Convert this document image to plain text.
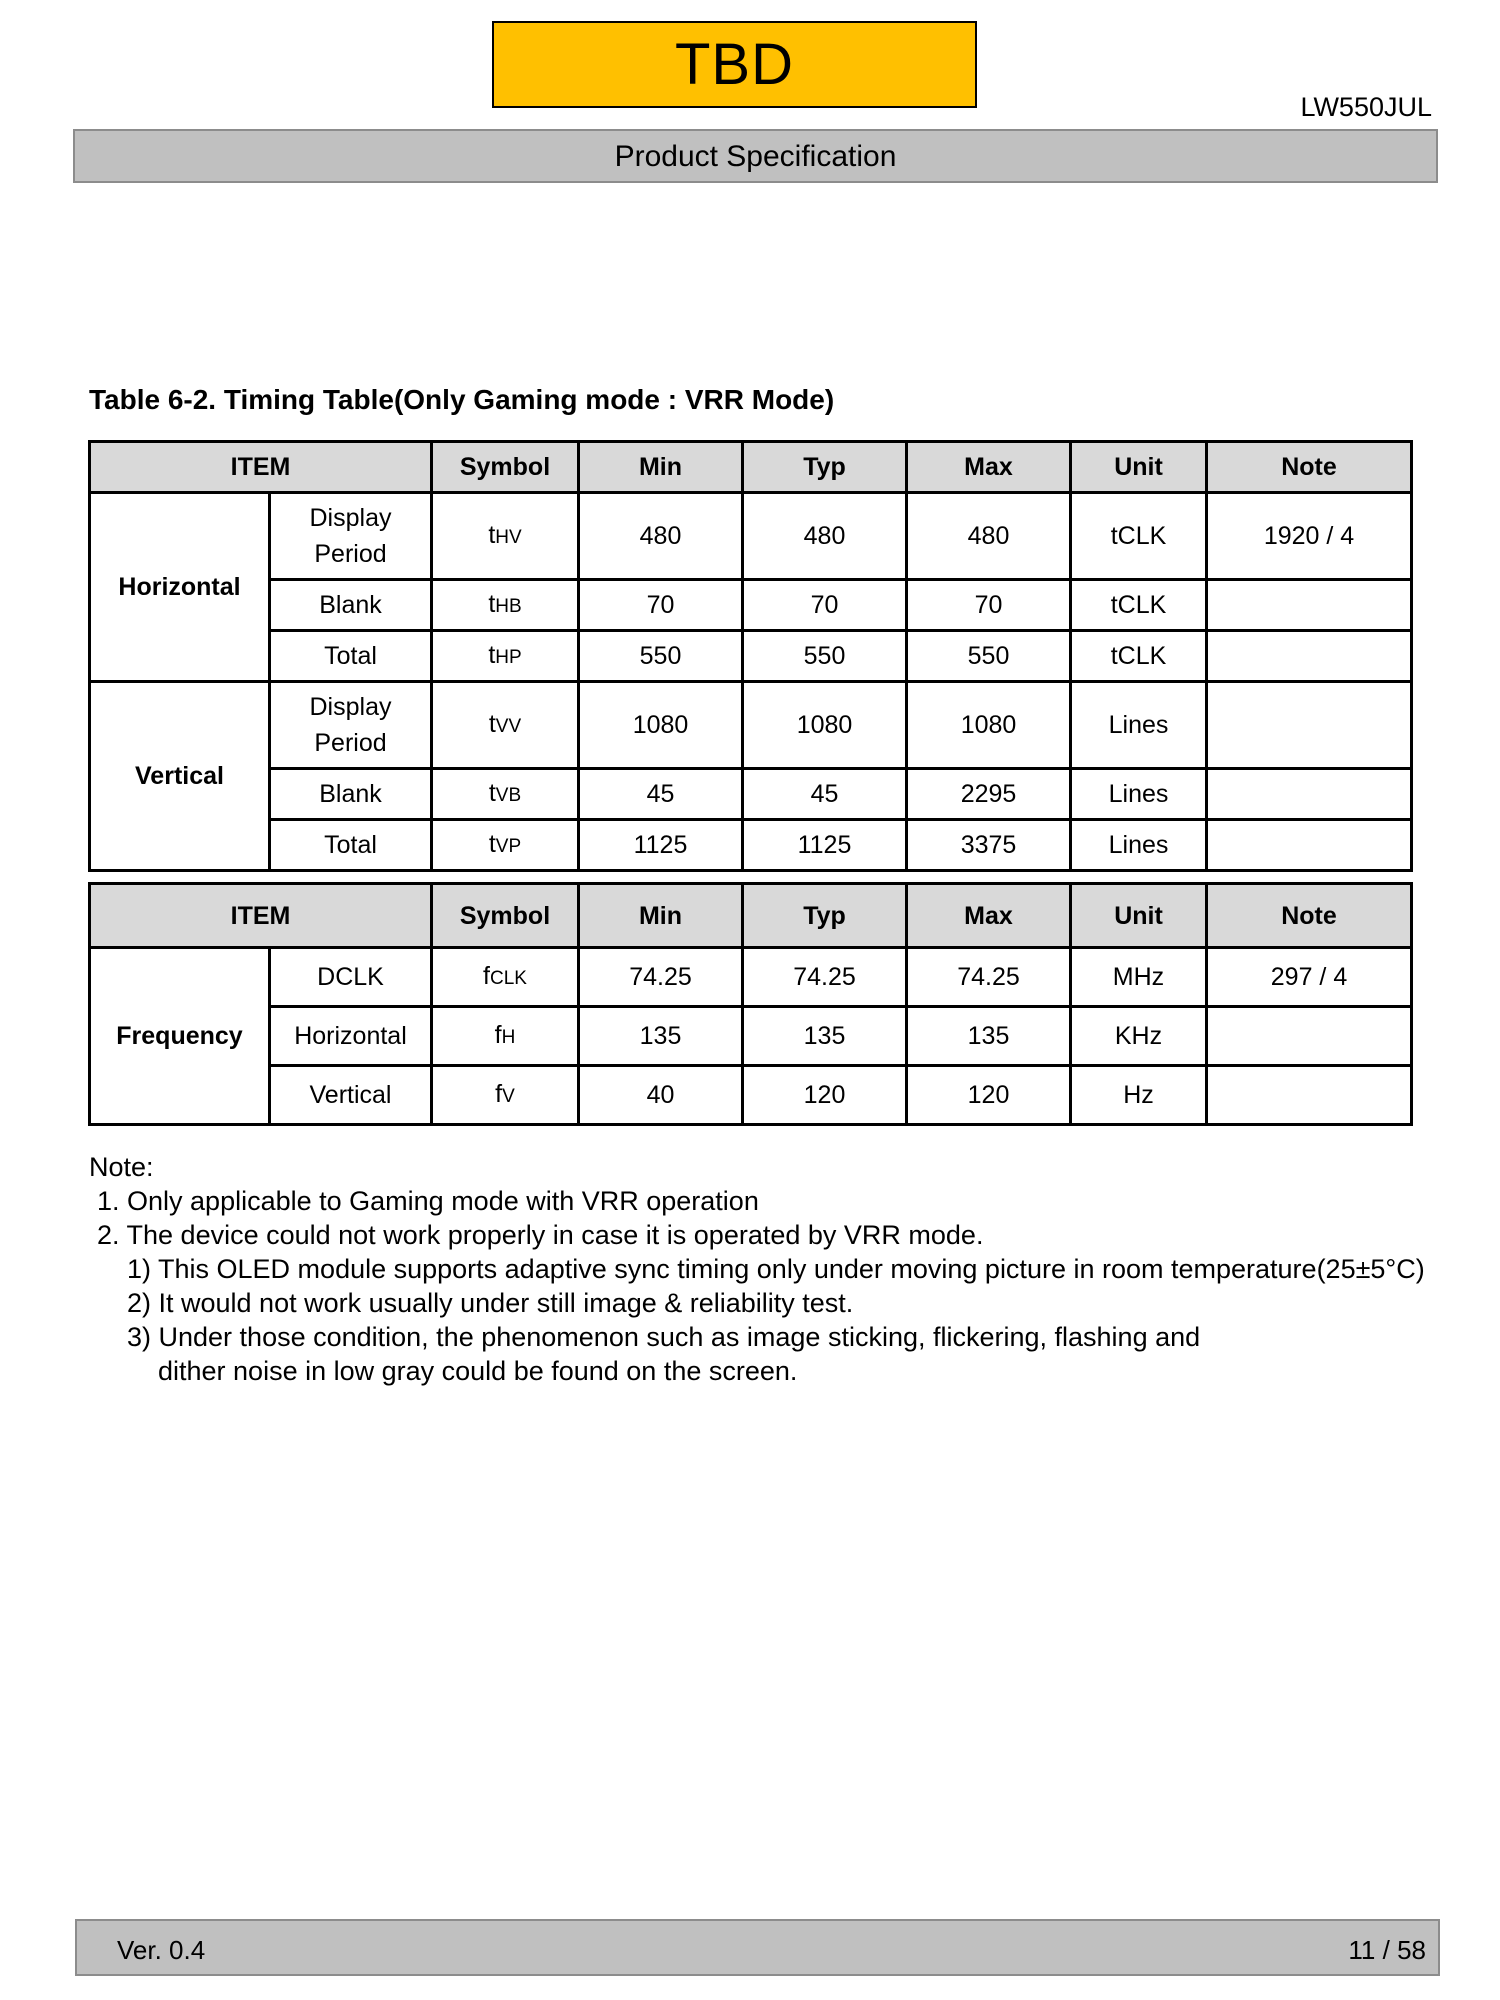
TBD
LW550JUL
Product Specification
Table 6-2. Timing Table(Only Gaming mode : VRR Mode)
ITEM		Symbol	Min	Typ	Max	Unit	Note
Horizontal	Display Period	tHV	480	480	480	tCLK	1920 / 4
	Blank	tHB	70	70	70	tCLK	
	Total	tHP	550	550	550	tCLK	
Vertical	Display Period	tVV	1080	1080	1080	Lines	
	Blank	tVB	45	45	2295	Lines	
	Total	tVP	1125	1125	3375	Lines	
ITEM		Symbol	Min	Typ	Max	Unit	Note
Frequency	DCLK	fCLK	74.25	74.25	74.25	MHz	297 / 4
	Horizontal	fH	135	135	135	KHz	
	Vertical	fV	40	120	120	Hz	
Note:
1. Only applicable to Gaming mode with VRR operation
2. The device could not work properly in case it is operated by VRR mode.
1) This OLED module supports adaptive sync timing only under moving picture in room temperature(25±5°C)
2) It would not work usually under still image & reliability test.
3) Under those condition, the phenomenon such as image sticking, flickering, flashing and
dither noise in low gray could be found on the screen.
Ver. 0.4	11 / 58
